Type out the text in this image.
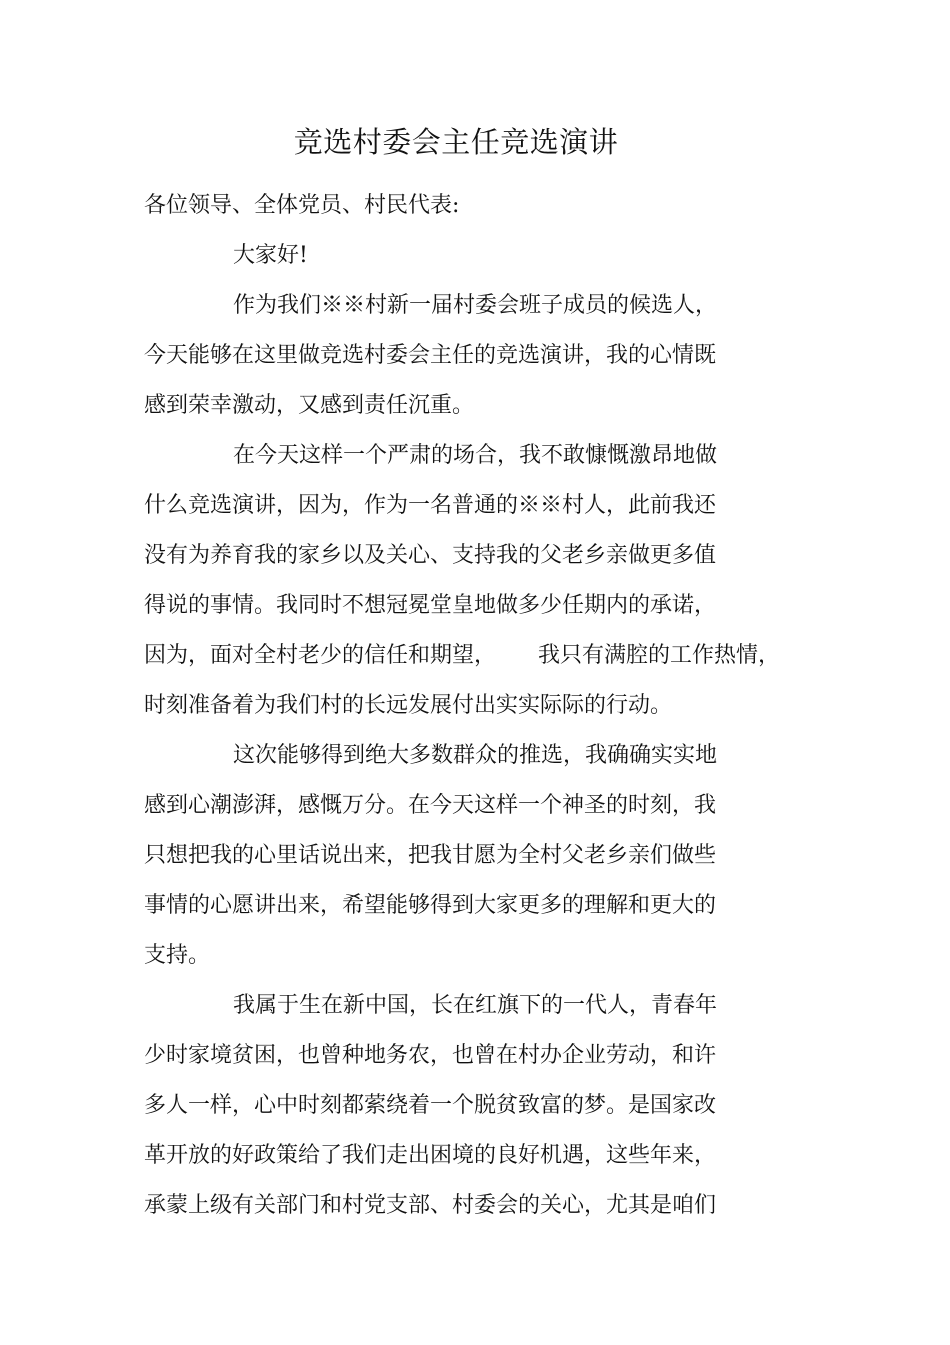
竞选村委会主任竞选演讲
各位领导、全体党员、村民代表:
大家好!
作为我们※※村新一届村委会班子成员的候选人，
今天能够在这里做竞选村委会主任的竞选演讲，我的心情既
感到荣幸激动，又感到责任沉重。
在今天这样一个严肃的场合，我不敢慷慨激昂地做
什么竞选演讲，因为，作为一名普通的※※村人，此前我还
没有为养育我的家乡以及关心、支持我的父老乡亲做更多值
得说的事情。我同时不想冠冕堂皇地做多少任期内的承诺，
因为，面对全村老少的信任和期望，      我只有满腔的工作热情，
时刻准备着为我们村的长远发展付出实实际际的行动。
这次能够得到绝大多数群众的推选，我确确实实地
感到心潮澎湃，感慨万分。在今天这样一个神圣的时刻，我
只想把我的心里话说出来，把我甘愿为全村父老乡亲们做些
事情的心愿讲出来，希望能够得到大家更多的理解和更大的
支持。
我属于生在新中国，长在红旗下的一代人，青春年
少时家境贫困，也曾种地务农，也曾在村办企业劳动，和许
多人一样，心中时刻都萦绕着一个脱贫致富的梦。是国家改
革开放的好政策给了我们走出困境的良好机遇，这些年来，
承蒙上级有关部门和村党支部、村委会的关心，尤其是咱们
